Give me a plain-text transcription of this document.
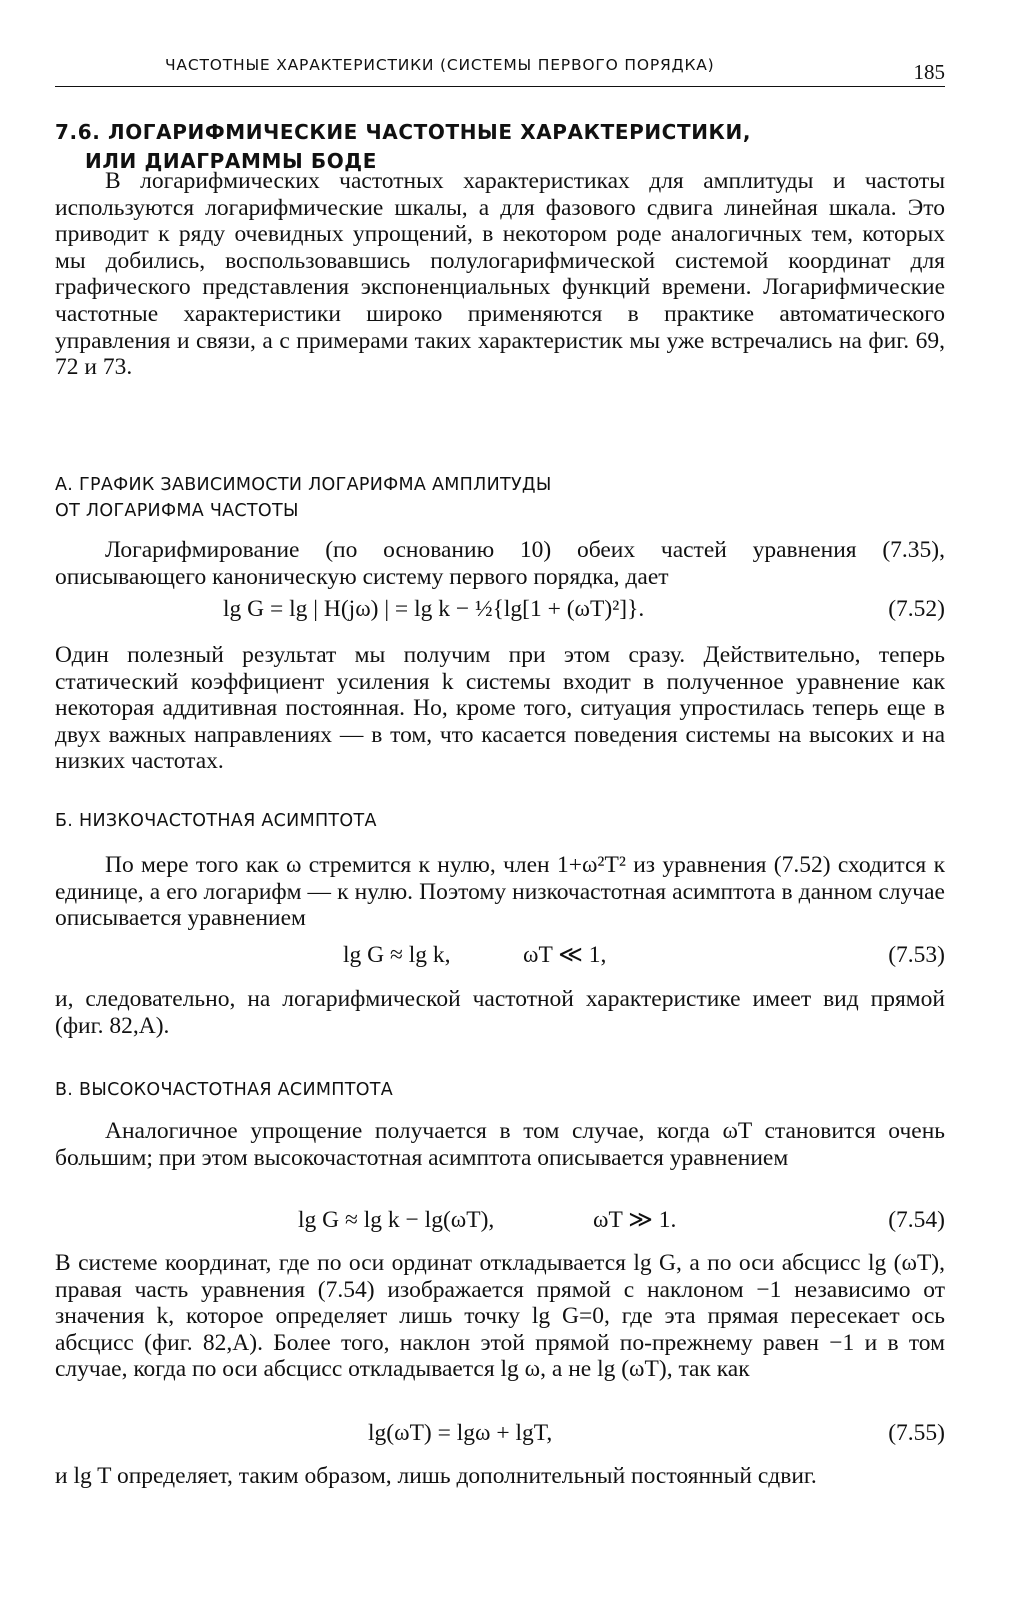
ЧАСТОТНЫЕ ХАРАКТЕРИСТИКИ (СИСТЕМЫ ПЕРВОГО ПОРЯДКА)	185
7.6. ЛОГАРИФМИЧЕСКИЕ ЧАСТОТНЫЕ ХАРАКТЕРИСТИКИ,
ИЛИ ДИАГРАММЫ БОДЕ

В логарифмических частотных характеристиках для амплитуды и частоты используются логарифмические шкалы, а для фазового сдвига линейная шкала. Это приводит к ряду очевидных упрощений, в некотором роде аналогичных тем, которых мы добились, воспользовавшись полулогарифмической системой координат для графического представления экспоненциальных функций времени. Логарифмические частотные характеристики широко применяются в практике автоматического управления и связи, а с примерами таких характеристик мы уже встречались на фиг. 69, 72 и 73.

А. ГРАФИК ЗАВИСИМОСТИ ЛОГАРИФМА АМПЛИТУДЫ
ОТ ЛОГАРИФМА ЧАСТОТЫ

Логарифмирование (по основанию 10) обеих частей уравнения (7.35), описывающего каноническую систему первого порядка, дает

lg G = lg | H(jω) | = lg k − ½{lg[1 + (ωT)²]}.	(7.52)

Один полезный результат мы получим при этом сразу. Действительно, теперь статический коэффициент усиления k системы входит в полученное уравнение как некоторая аддитивная постоянная. Но, кроме того, ситуация упростилась теперь еще в двух важных направлениях — в том, что касается поведения системы на высоких и на низких частотах.

Б. НИЗКОЧАСТОТНАЯ АСИМПТОТА

По мере того как ω стремится к нулю, член 1+ω²T² из уравнения (7.52) сходится к единице, а его логарифм — к нулю. Поэтому низкочастотная асимптота в данном случае описывается уравнением

lg G ≈ lg k,	ωT ≪ 1,	(7.53)

и, следовательно, на логарифмической частотной характеристике имеет вид прямой (фиг. 82,А).

В. ВЫСОКОЧАСТОТНАЯ АСИМПТОТА

Аналогичное упрощение получается в том случае, когда ωT становится очень большим; при этом высокочастотная асимптота описывается уравнением

lg G ≈ lg k − lg(ωT),	ωT ≫ 1.	(7.54)

В системе координат, где по оси ординат откладывается lg G, а по оси абсцисс lg (ωT), правая часть уравнения (7.54) изображается прямой с наклоном −1 независимо от значения k, которое определяет лишь точку lg G=0, где эта прямая пересекает ось абсцисс (фиг. 82,А). Более того, наклон этой прямой по-прежнему равен −1 и в том случае, когда по оси абсцисс откладывается lg ω, а не lg (ωT), так как

lg(ωT) = lgω + lgT,	(7.55)

и lg T определяет, таким образом, лишь дополнительный постоянный сдвиг.
